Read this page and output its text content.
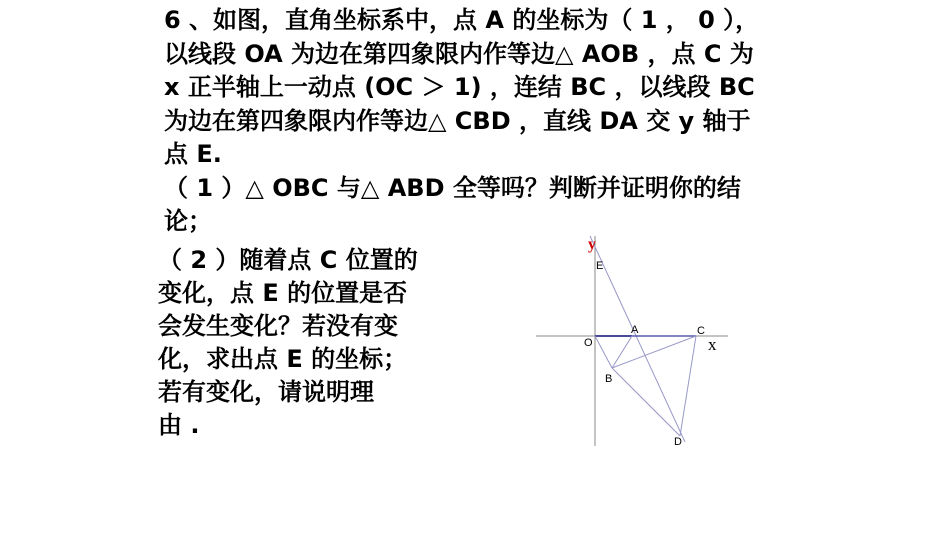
6 、如图，直角坐标系中，点 A 的坐标为（ 1 ， 0 ），
以线段 OA 为边在第四象限内作等边△ AOB ，点 C 为
x 正半轴上一动点 (OC ＞ 1) ，连结 BC ，以线段 BC
为边在第四象限内作等边△ CBD ，直线 DA 交 y 轴于
点 E.
（ 1 ）△ OBC 与△ ABD 全等吗？判断并证明你的结
论；
（ 2 ）随着点 C 位置的
变化，点 E 的位置是否
会发生变化？若没有变
化，求出点 E 的坐标；
若有变化，请说明理
由 .
y
x
E
O
A	C
B
D
